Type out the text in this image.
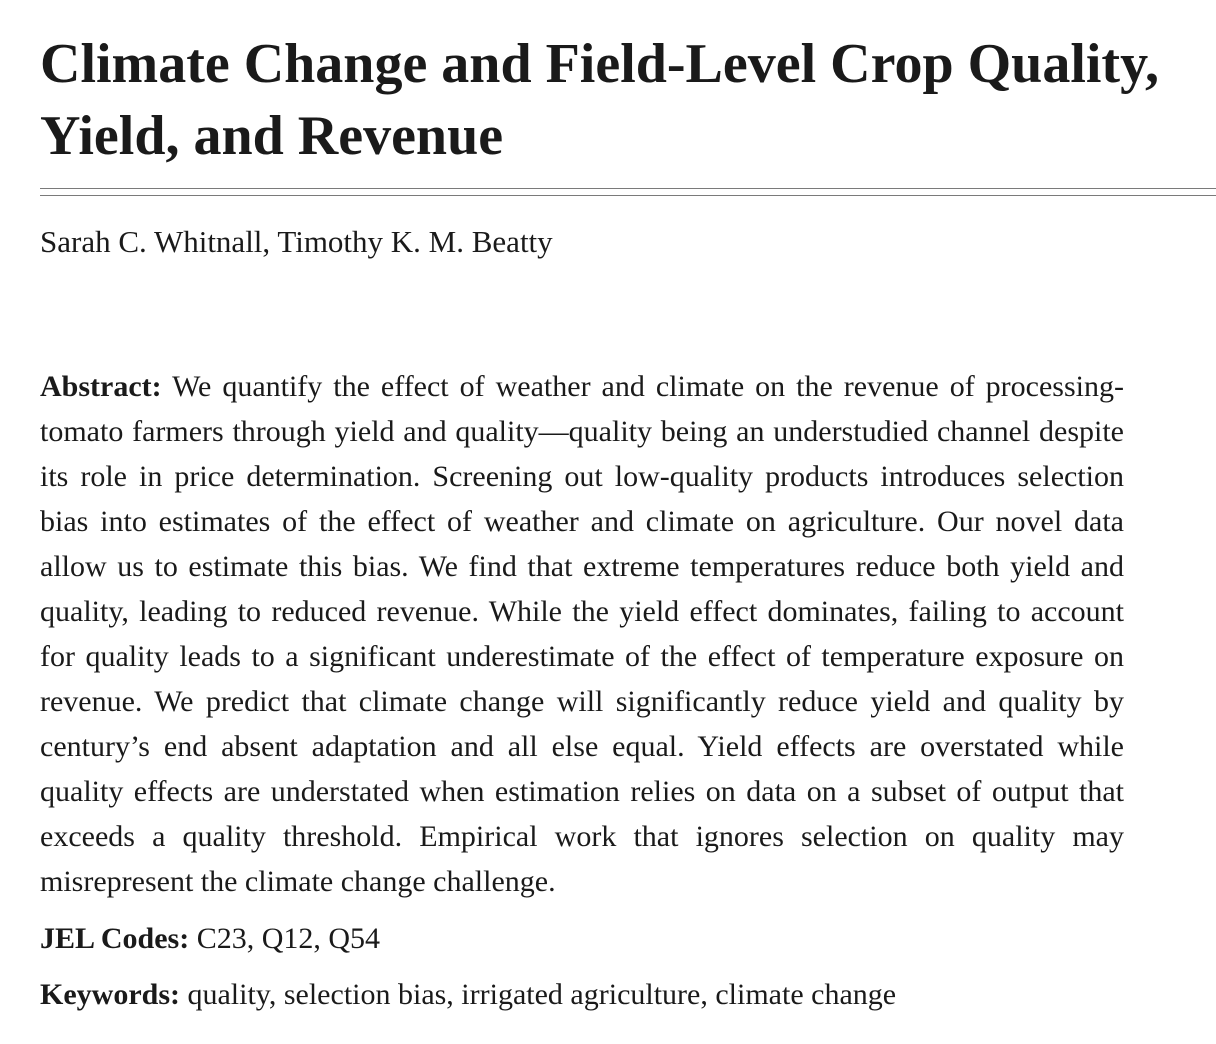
Climate Change and Field-Level Crop Quality,
Yield, and Revenue

Sarah C. Whitnall, Timothy K. M. Beatty

Abstract: We quantify the effect of weather and climate on the revenue of processing-tomato farmers through yield and quality—quality being an understudied channel despite its role in price determination. Screening out low-quality products introduces selection bias into estimates of the effect of weather and climate on agriculture. Our novel data allow us to estimate this bias. We find that extreme temperatures reduce both yield and quality, leading to reduced revenue. While the yield effect dominates, failing to account for quality leads to a significant underestimate of the effect of temperature exposure on revenue. We predict that climate change will significantly reduce yield and quality by century’s end absent adaptation and all else equal. Yield effects are overstated while quality effects are understated when estimation relies on data on a subset of output that exceeds a quality threshold. Empirical work that ignores selection on quality may misrepresent the climate change challenge.

JEL Codes: C23, Q12, Q54

Keywords: quality, selection bias, irrigated agriculture, climate change
